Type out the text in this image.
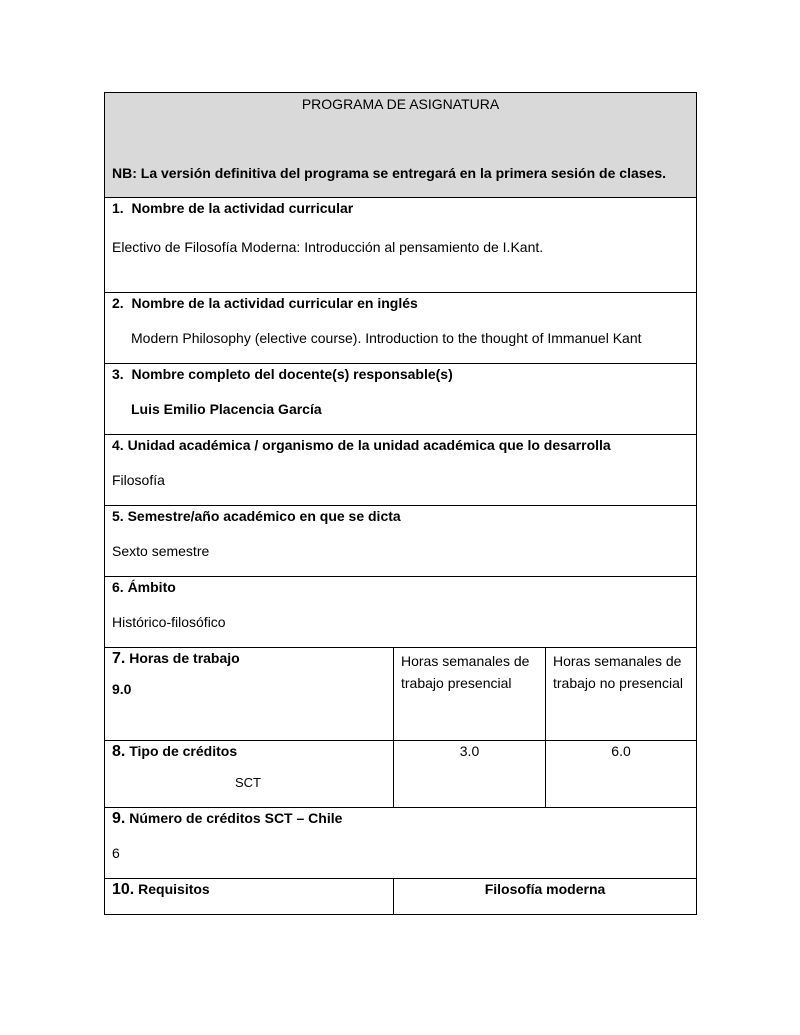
PROGRAMA DE ASIGNATURA
NB: La versión definitiva del programa se entregará en la primera sesión de clases.		

1. Nombre de la actividad curricular
Electivo de Filosofía Moderna: Introducción al pensamiento de I.Kant.		

2. Nombre de la actividad curricular en inglés
Modern Philosophy (elective course). Introduction to the thought of Immanuel Kant		

3. Nombre completo del docente(s) responsable(s)
Luis Emilio Placencia García		

4. Unidad académica / organismo de la unidad académica que lo desarrolla
Filosofía		

5. Semestre/año académico en que se dicta
Sexto semestre		

6. Ámbito
Histórico-filosófico		

7. Horas de trabajo
9.0	Horas semanales de trabajo presencial	Horas semanales de trabajo no presencial

8. Tipo de créditos
SCT	3.0	6.0

9. Número de créditos SCT – Chile
6		

10. Requisitos	Filosofía moderna	
